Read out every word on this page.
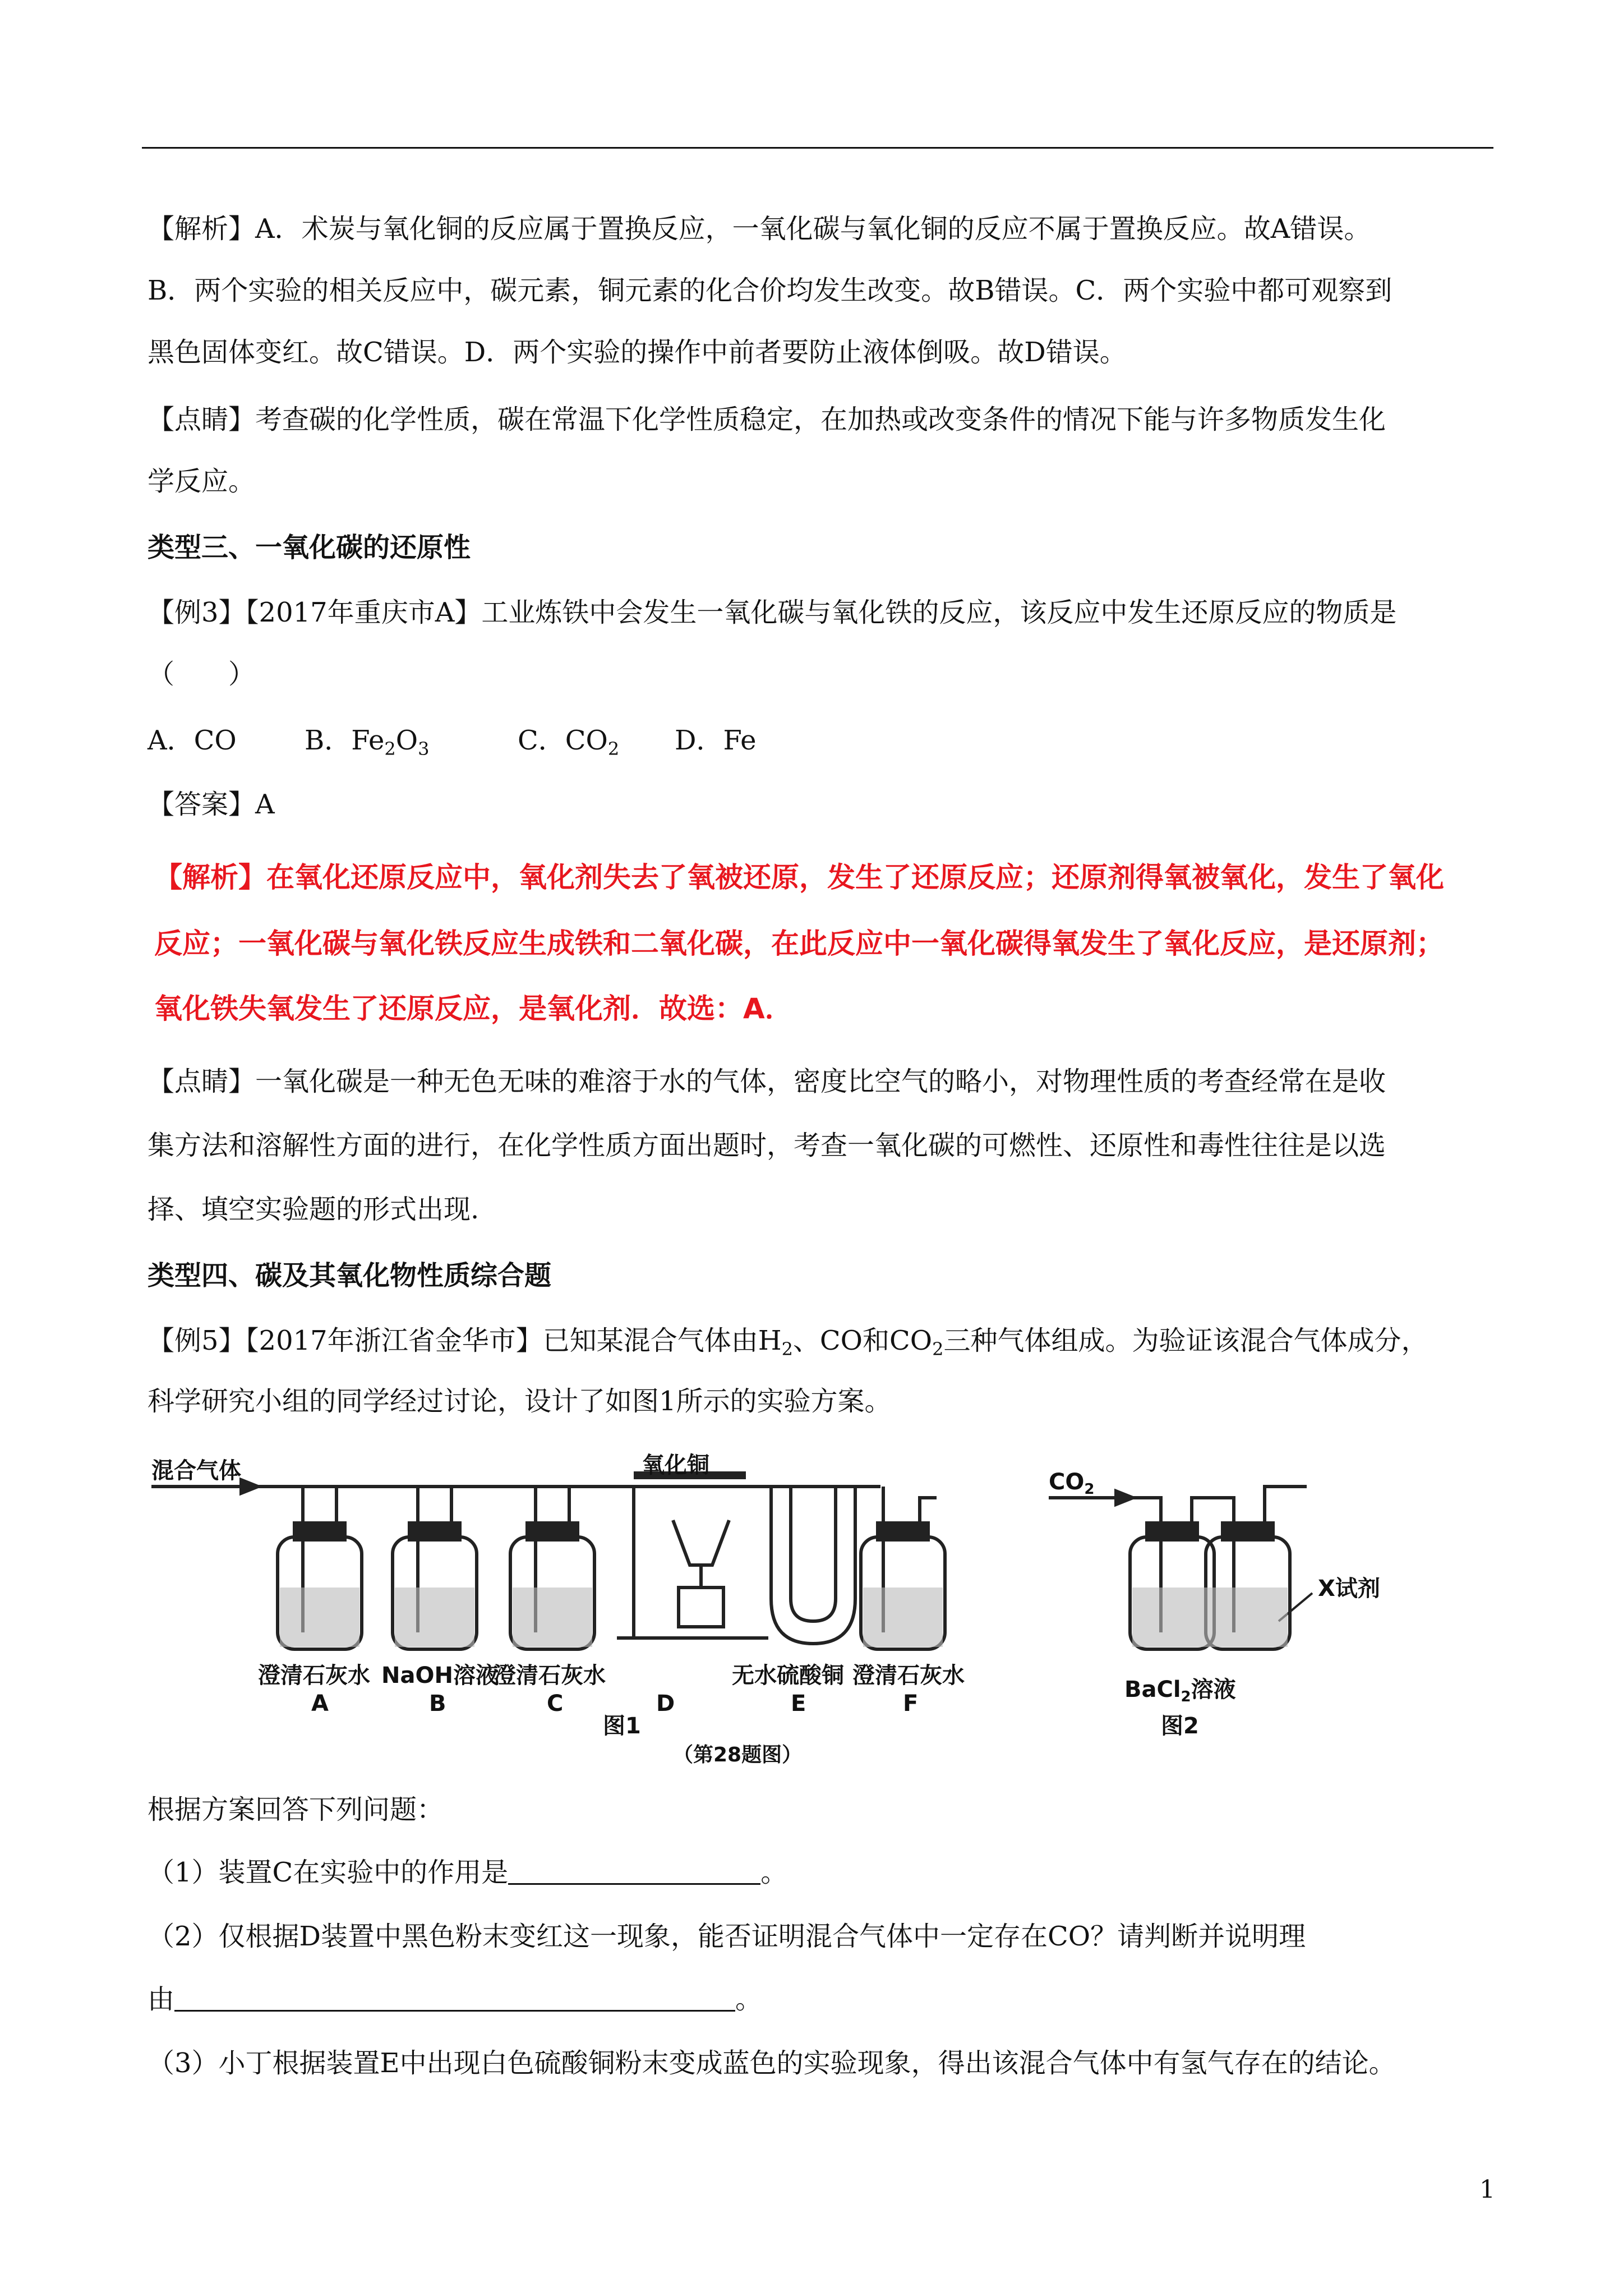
【解析】A．术炭与氧化铜的反应属于置换反应，一氧化碳与氧化铜的反应不属于置换反应。故A错误。
B．两个实验的相关反应中，碳元素，铜元素的化合价均发生改变。故B错误。C．两个实验中都可观察到
黑色固体变红。故C错误。D．两个实验的操作中前者要防止液体倒吸。故D错误。
【点睛】考查碳的化学性质，碳在常温下化学性质稳定，在加热或改变条件的情况下能与许多物质发生化
学反应。
类型三、一氧化碳的还原性
【例3】【2017年重庆市A】工业炼铁中会发生一氧化碳与氧化铁的反应，该反应中发生还原反应的物质是
（　　）
A．CO	B．$Fe_2O_3$	C．$CO_2$ D．Fe
【答案】A
【解析】在氧化还原反应中，氧化剂失去了氧被还原，发生了还原反应；还原剂得氧被氧化，发生了氧化
反应；一氧化碳与氧化铁反应生成铁和二氧化碳，在此反应中一氧化碳得氧发生了氧化反应，是还原剂；
氧化铁失氧发生了还原反应，是氧化剂．故选：A．
【点睛】一氧化碳是一种无色无味的难溶于水的气体，密度比空气的略小，对物理性质的考查经常在是收
集方法和溶解性方面的进行，在化学性质方面出题时，考查一氧化碳的可燃性、还原性和毒性往往是以选
择、填空实验题的形式出现.
类型四、碳及其氧化物性质综合题
【例5】【2017年浙江省金华市】已知某混合气体由$H_2$、CO和$CO_2$三种气体组成。为验证该混合气体成分，
科学研究小组的同学经过讨论，设计了如图1所示的实验方案。
混合气体	氧化铜
$CO_2$
X试剂
澄清石灰水 NaOH溶液
澄清石灰水	无水硫酸铜 澄清石灰水
A	B	C	D	E	F
图1
BaCl$_2$溶液
图2
（第28题图）
根据方案回答下列问题：
（1）装置C在实验中的作用是	。
（2）仅根据D装置中黑色粉末变红这一现象，能否证明混合气体中一定存在CO？请判断并说明理
由	。
（3）小丁根据装置E中出现白色硫酸铜粉末变成蓝色的实验现象，得出该混合气体中有氢气存在的结论。
1
